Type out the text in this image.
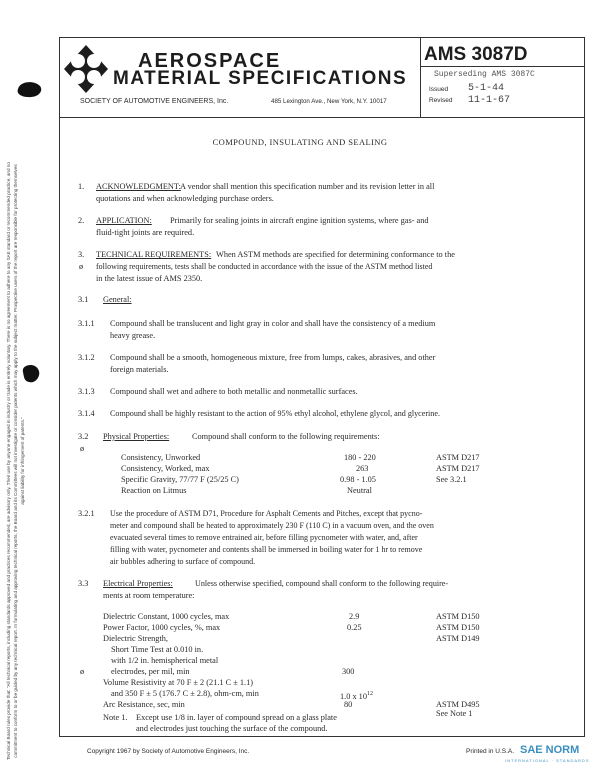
AEROSPACE
MATERIAL SPECIFICATIONS
SOCIETY OF AUTOMOTIVE ENGINEERS, Inc.	485 Lexington Ave., New York, N.Y. 10017
AMS 3087D
Superseding AMS 3087C
Issued 5-1-44
Revised 11-1-67
COMPOUND, INSULATING AND SEALING
1. ACKNOWLEDGMENT: A vendor shall mention this specification number and its revision letter in all
quotations and when acknowledging purchase orders.
2. APPLICATION: Primarily for sealing joints in aircraft engine ignition systems, where gas- and
fluid-tight joints are required.
3.
ø
TECHNICAL REQUIREMENTS: When ASTM methods are specified for determining conformance to the
following requirements, tests shall be conducted in accordance with the issue of the ASTM method listed
in the latest issue of AMS 2350.
3.1 General:
3.1.1 Compound shall be translucent and light gray in color and shall have the consistency of a medium
heavy grease.
3.1.2 Compound shall be a smooth, homogeneous mixture, free from lumps, cakes, abrasives, and other
foreign materials.
3.1.3 Compound shall wet and adhere to both metallic and nonmetallic surfaces.
3.1.4 Compound shall be highly resistant to the action of 95% ethyl alcohol, ethylene glycol, and glycerine.
3.2
ø
Physical Properties:	Compound shall conform to the following requirements:
Consistency, Unworked	180 - 220	ASTM D217
Consistency, Worked, max	263	ASTM D217
Specific Gravity, 77/77 F (25/25 C)	0.98 - 1.05	See 3.2.1
Reaction on Litmus	Neutral
3.2.1 Use the procedure of ASTM D71, Procedure for Asphalt Cements and Pitches, except that pycno-
meter and compound shall be heated to approximately 230 F (110 C) in a vacuum oven, and the oven
evacuated several times to remove entrained air, before filling pycnometer with water, and, after
filling with water, pycnometer and contents shall be immersed in boiling water for 1 hr to remove
air bubbles adhering to surface of compound.
3.3 Electrical Properties:	Unless otherwise specified, compound shall conform to the following require-
ments at room temperature:
Dielectric Constant, 1000 cycles, max	2.9	ASTM D150
Power Factor, 1000 cycles, %, max	0.25	ASTM D150
Dielectric Strength,	ASTM D149
Short Time Test at 0.010 in.
with 1/2 in. hemispherical metal
ø	electrodes, per mil, min	300
Volume Resistivity at 70 F ± 2 (21.1 C ± 1.1)
and 350 F ± 5 (176.7 C ± 2.8), ohm-cm, min	1.0 x $10^{12}$
Arc Resistance, sec, min	80	ASTM D495
See Note 1
Note 1. Except use 1/8 in. layer of compound spread on a glass plate
and electrodes just touching the surface of the compound.
Technical Board rules provide that: "All technical reports, including standards approved and practices recommended, are advisory only. Their use by anyone engaged in industry or trade is entirely voluntary. There is no agreement to adhere to any SAE standard or recommended practice, and no commitment to conform to or be guided by any technical report. In formulating and approving technical reports, the Board and its Committees will not investigate or consider patents which may apply to the subject matter. Prospective users of the report are responsible for protecting themselves against liability for infringement of patents."
Copyright 1967 by Society of Automotive Engineers, Inc.	Printed in U.S.A. SAE NORM
INTERNATIONAL · STANDARDS
